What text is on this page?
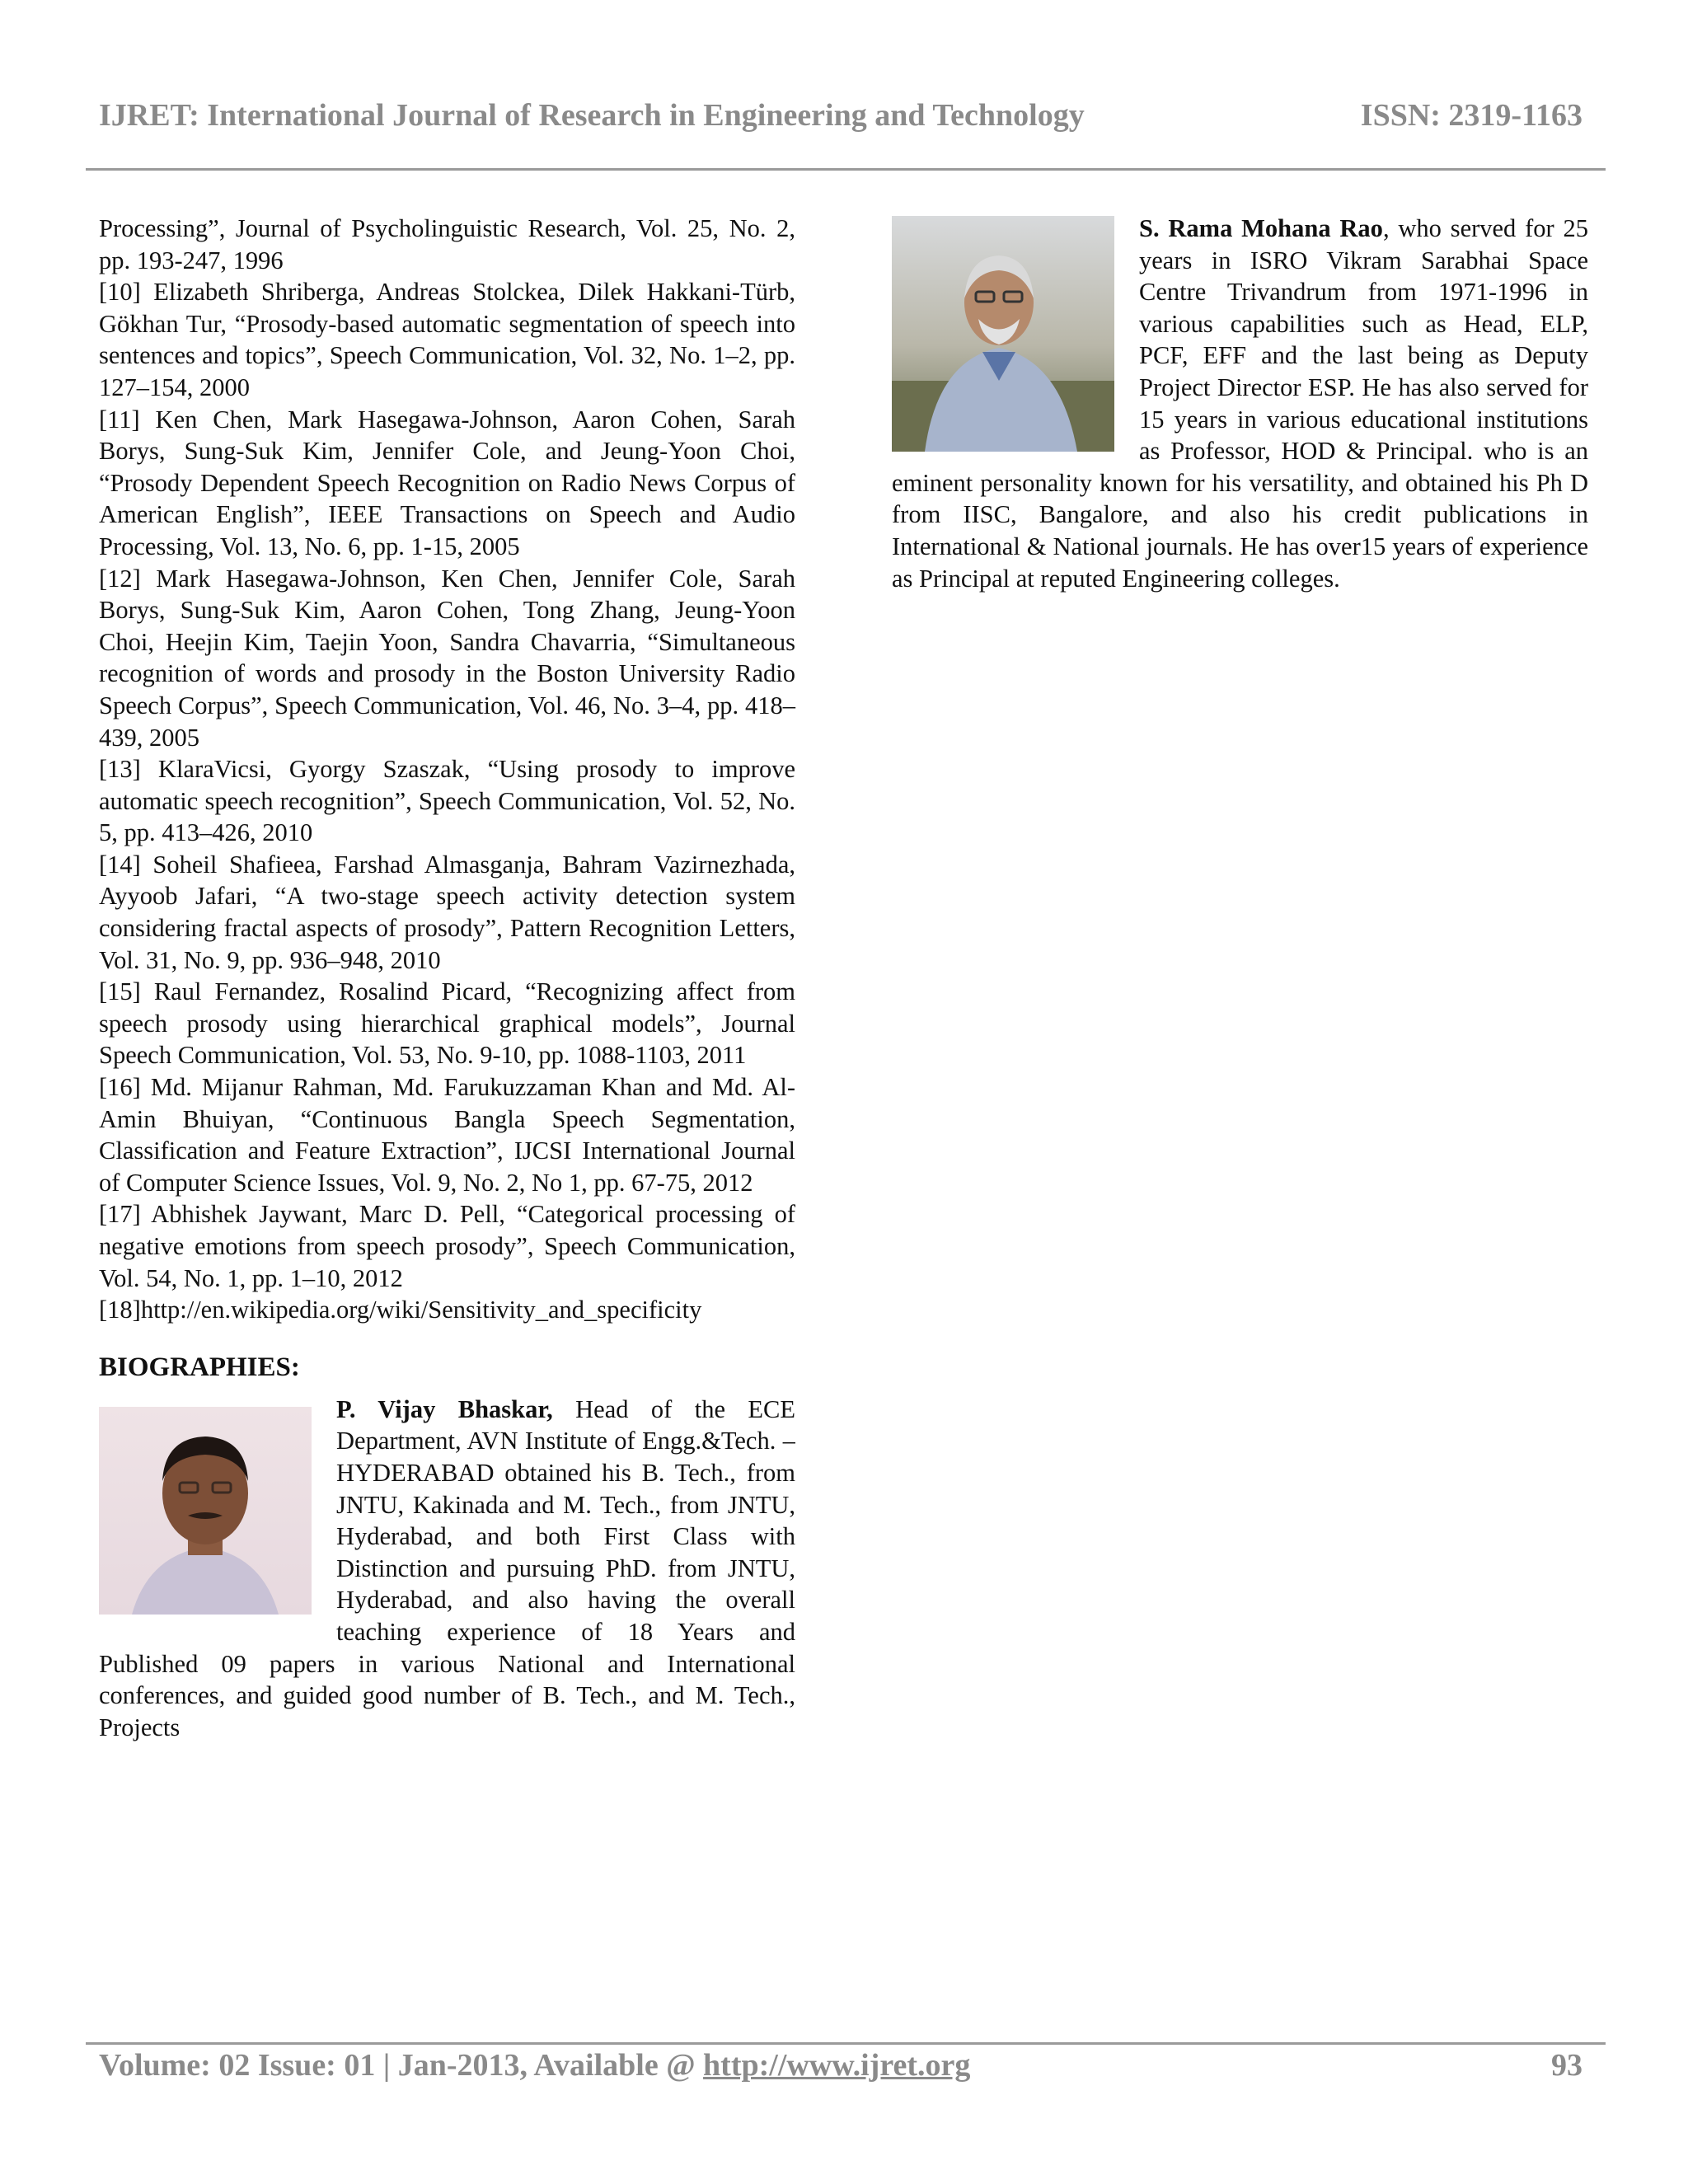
IJRET: International Journal of Research in Engineering and Technology	ISSN: 2319-1163

Processing”, Journal of Psycholinguistic Research, Vol. 25, No. 2, pp. 193-247, 1996

[10] Elizabeth Shriberga, Andreas Stolckea, Dilek Hakkani-Türb, Gökhan Tur, “Prosody-based automatic segmentation of speech into sentences and topics”, Speech Communication, Vol. 32, No. 1–2, pp. 127–154, 2000

[11] Ken Chen, Mark Hasegawa-Johnson, Aaron Cohen, Sarah Borys, Sung-Suk Kim, Jennifer Cole, and Jeung-Yoon Choi, “Prosody Dependent Speech Recognition on Radio News Corpus of American English”, IEEE Transactions on Speech and Audio Processing, Vol. 13, No. 6, pp. 1-15, 2005

[12] Mark Hasegawa-Johnson, Ken Chen, Jennifer Cole, Sarah Borys, Sung-Suk Kim, Aaron Cohen, Tong Zhang, Jeung-Yoon Choi, Heejin Kim, Taejin Yoon, Sandra Chavarria, “Simultaneous recognition of words and prosody in the Boston University Radio Speech Corpus”, Speech Communication, Vol. 46, No. 3–4, pp. 418–439, 2005

[13] KlaraVicsi, Gyorgy Szaszak, “Using prosody to improve automatic speech recognition”, Speech Communication, Vol. 52, No. 5, pp. 413–426, 2010

[14] Soheil Shafieea, Farshad Almasganja, Bahram Vazirnezhada, Ayyoob Jafari, “A two-stage speech activity detection system considering fractal aspects of prosody”, Pattern Recognition Letters, Vol. 31, No. 9, pp. 936–948, 2010

[15] Raul Fernandez, Rosalind Picard, “Recognizing affect from speech prosody using hierarchical graphical models”, Journal Speech Communication, Vol. 53, No. 9-10, pp. 1088-1103, 2011

[16] Md. Mijanur Rahman, Md. Farukuzzaman Khan and Md. Al-Amin Bhuiyan, “Continuous Bangla Speech Segmentation, Classification and Feature Extraction”, IJCSI International Journal of Computer Science Issues, Vol. 9, No. 2, No 1, pp. 67-75, 2012

[17] Abhishek Jaywant, Marc D. Pell, “Categorical processing of negative emotions from speech prosody”, Speech Communication, Vol. 54, No. 1, pp. 1–10, 2012

[18]http://en.wikipedia.org/wiki/Sensitivity_and_specificity

BIOGRAPHIES:
P. Vijay Bhaskar, Head of the ECE Department, AVN Institute of Engg.&Tech. –HYDERABAD obtained his B. Tech., from JNTU, Kakinada and M. Tech., from JNTU, Hyderabad, and both First Class with Distinction and pursuing PhD. from JNTU, Hyderabad, and also having the overall teaching experience of 18 Years and Published 09 papers in various National and International conferences, and guided good number of B. Tech., and M. Tech., Projects
S. Rama Mohana Rao, who served for 25 years in ISRO Vikram Sarabhai Space Centre Trivandrum from 1971-1996 in various capabilities such as Head, ELP, PCF, EFF and the last being as Deputy Project Director ESP. He has also served for 15 years in various educational institutions as Professor, HOD & Principal. who is an eminent personality known for his versatility, and obtained his Ph D from IISC, Bangalore, and also his credit publications in International & National journals. He has over15 years of experience as Principal at reputed Engineering colleges.
Volume: 02 Issue: 01 | Jan-2013, Available @ http://www.ijret.org	93
